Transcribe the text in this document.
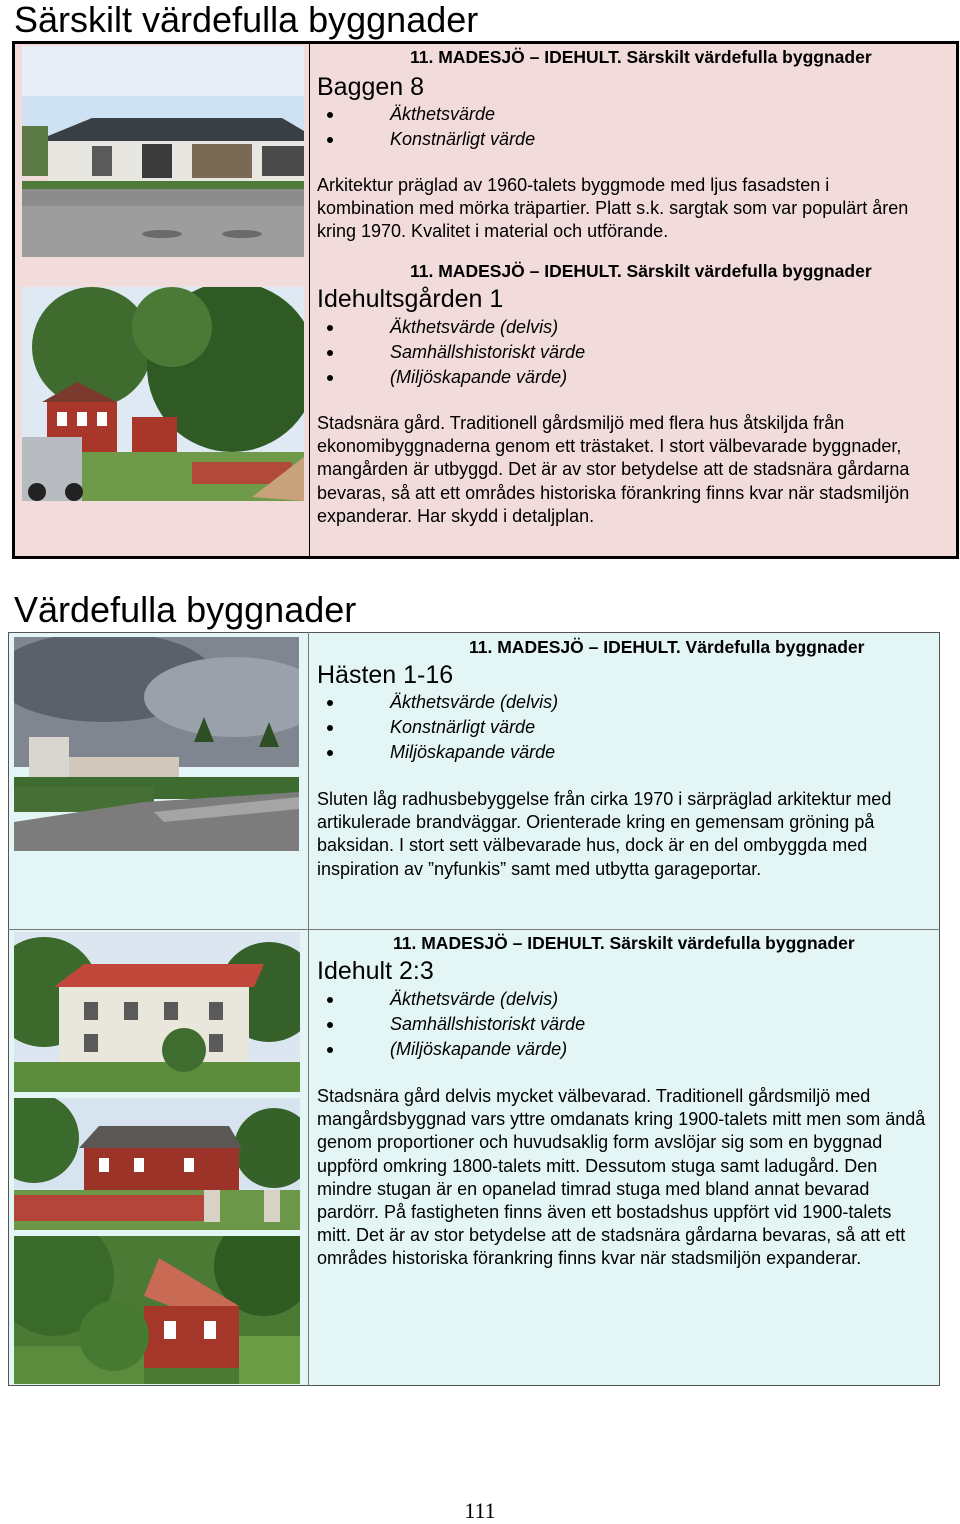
Särskilt värdefulla byggnader
11. MADESJÖ – IDEHULT. Särskilt värdefulla byggnader
Baggen 8
Äkthetsvärde
Konstnärligt värde

Arkitektur präglad av 1960-talets byggmode med ljus fasadsten i kombination med mörka träpartier. Platt s.k. sargtak som var populärt åren kring 1970. Kvalitet i material och utförande.

11. MADESJÖ – IDEHULT. Särskilt värdefulla byggnader
Idehultsgården 1
Äkthetsvärde (delvis)
Samhällshistoriskt värde
(Miljöskapande värde)

Stadsnära gård. Traditionell gårdsmiljö med flera hus åtskiljda från ekonomibyggnaderna genom ett trästaket. I stort välbevarade byggnader, mangården är utbyggd. Det är av stor betydelse att de stadsnära gårdarna bevaras, så att ett områdes historiska förankring finns kvar när stadsmiljön expanderar. Har skydd i detaljplan.

Värdefulla byggnader
11. MADESJÖ – IDEHULT. Värdefulla byggnader
Hästen 1-16
Äkthetsvärde (delvis)
Konstnärligt värde
Miljöskapande värde

Sluten låg radhusbebyggelse från cirka 1970 i särpräglad arkitektur med artikulerade brandväggar. Orienterade kring en gemensam gröning på baksidan. I stort sett välbevarade hus, dock är en del ombyggda med inspiration av ”nyfunkis” samt med utbytta garageportar.

11. MADESJÖ – IDEHULT. Särskilt värdefulla byggnader
Idehult 2:3
Äkthetsvärde (delvis)
Samhällshistoriskt värde
(Miljöskapande värde)

Stadsnära gård delvis mycket välbevarad. Traditionell gårdsmiljö med mangårdsbyggnad vars yttre omdanats kring 1900-talets mitt men som ändå genom proportioner och huvudsaklig form avslöjar sig som en byggnad uppförd omkring 1800-talets mitt. Dessutom stuga samt ladugård. Den mindre stugan är en opanelad timrad stuga med bland annat bevarad pardörr. På fastigheten finns även ett bostadshus uppfört vid 1900-talets mitt. Det är av stor betydelse att de stadsnära gårdarna bevaras, så att ett områdes historiska förankring finns kvar när stadsmiljön expanderar.

111
